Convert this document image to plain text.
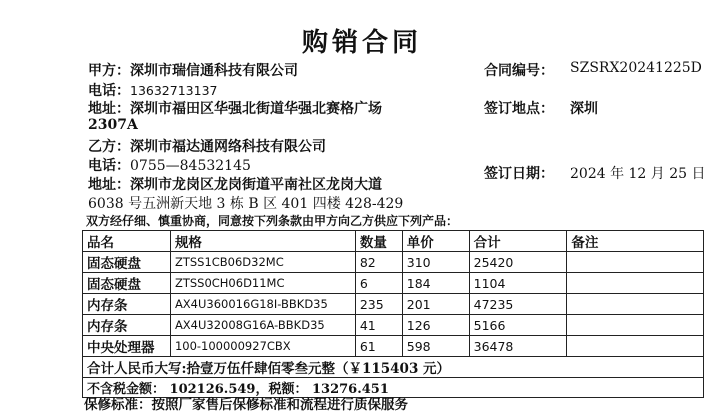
购销合同
甲方：深圳市瑞信通科技有限公司
电话：13632713137
地址：深圳市福田区华强北街道华强北赛格广场
2307A
合同编号： SZSRX20241225D
签订地点： 深圳
签订日期： 2024 年 12 月 25 日
乙方：深圳市福达通网络科技有限公司
电话：0755—84532145
地址：深圳市龙岗区龙岗街道平南社区龙岗大道
6038 号五洲新天地 3 栋 B 区 401 四楼 428-429
双方经仔细、慎重协商，同意按下列条款由甲方向乙方供应下列产品：
品名	规格	数量	单价	合计	备注
固态硬盘	ZTSS1CB06D32MC	82	310	25420	
固态硬盘	ZTSS0CH06D11MC	6	184	1104	
内存条	AX4U360016G18I-BBKD35	235	201	47235	
内存条	AX4U32008G16A-BBKD35	41	126	5166	
中央处理器	100-100000927CBX	61	598	36478	
合计人民币大写:拾壹万伍仟肆佰零叁元整（￥115403 元）					
不含税金额： 102126.549，税额： 13276.451					
保修标准：按照厂家售后保修标准和流程进行质保服务
